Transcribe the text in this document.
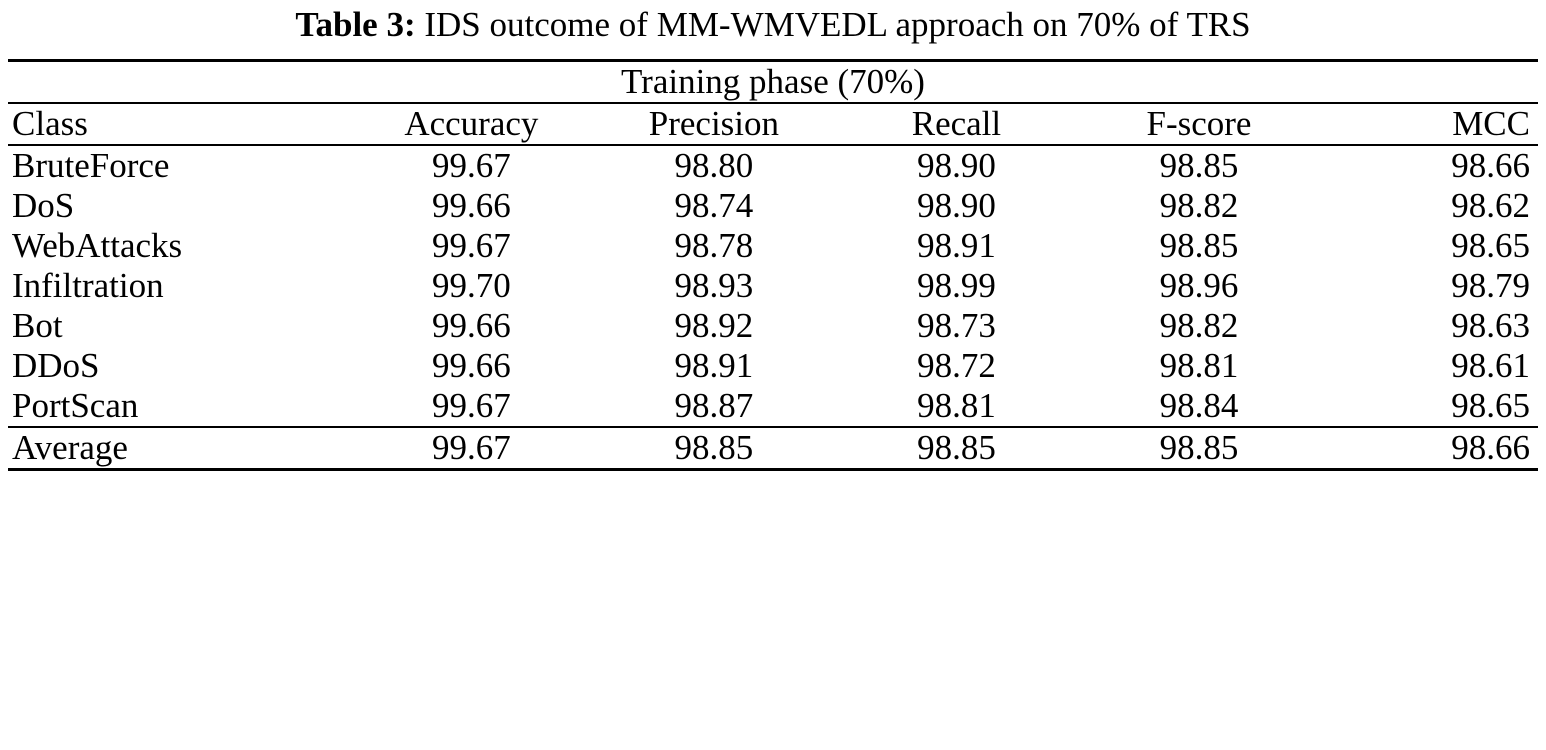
Table 3: IDS outcome of MM-WMVEDL approach on 70% of TRS
Training phase (70%)					
Class	Accuracy	Precision	Recall	F-score	MCC
BruteForce	99.67	98.80	98.90	98.85	98.66
DoS	99.66	98.74	98.90	98.82	98.62
WebAttacks	99.67	98.78	98.91	98.85	98.65
Infiltration	99.70	98.93	98.99	98.96	98.79
Bot	99.66	98.92	98.73	98.82	98.63
DDoS	99.66	98.91	98.72	98.81	98.61
PortScan	99.67	98.87	98.81	98.84	98.65
Average	99.67	98.85	98.85	98.85	98.66
